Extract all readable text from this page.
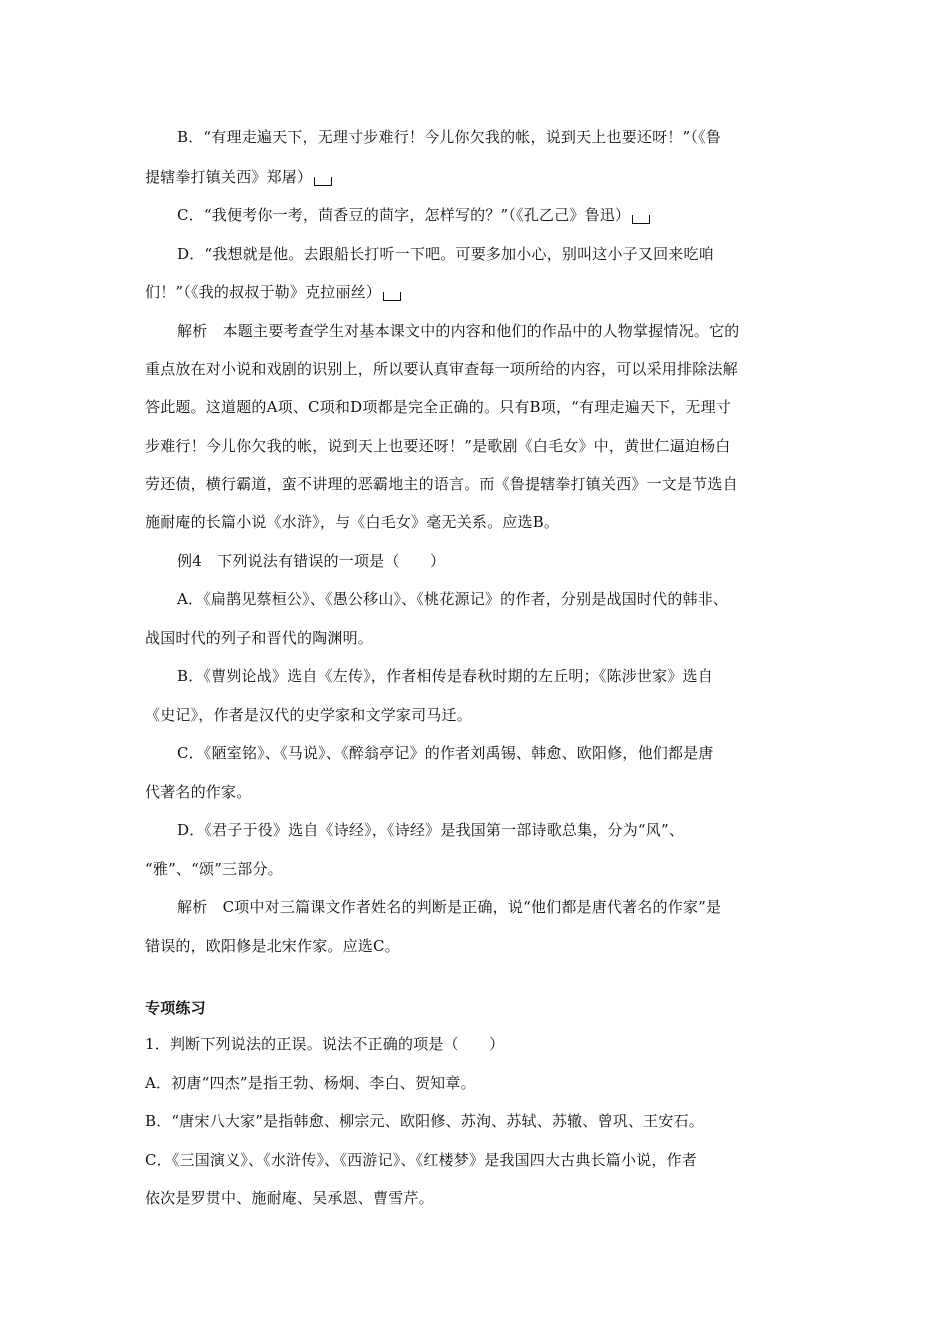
B．“有理走遍天下，无理寸步难行！今儿你欠我的帐，说到天上也要还呀！”（《鲁
提辖拳打镇关西》郑屠）
C．“我便考你一考，茴香豆的茴字，怎样写的？”（《孔乙己》鲁迅）
D．“我想就是他。去跟船长打听一下吧。可要多加小心，别叫这小子又回来吃咱
们！”（《我的叔叔于勒》克拉丽丝）
解析　本题主要考查学生对基本课文中的内容和他们的作品中的人物掌握情况。它的
重点放在对小说和戏剧的识别上，所以要认真审查每一项所给的内容，可以采用排除法解
答此题。这道题的A项、C项和D项都是完全正确的。只有B项，“有理走遍天下，无理寸
步难行！今儿你欠我的帐，说到天上也要还呀！”是歌剧《白毛女》中，黄世仁逼迫杨白
劳还债，横行霸道，蛮不讲理的恶霸地主的语言。而《鲁提辖拳打镇关西》一文是节选自
施耐庵的长篇小说《水浒》，与《白毛女》毫无关系。应选B。
例4　下列说法有错误的一项是（　　）
A．《扁鹊见蔡桓公》、《愚公移山》、《桃花源记》的作者，分别是战国时代的韩非、
战国时代的列子和晋代的陶渊明。
B．《曹刿论战》选自《左传》，作者相传是春秋时期的左丘明；《陈涉世家》选自
《史记》，作者是汉代的史学家和文学家司马迁。
C．《陋室铭》、《马说》、《醉翁亭记》的作者刘禹锡、韩愈、欧阳修，他们都是唐
代著名的作家。
D．《君子于役》选自《诗经》，《诗经》是我国第一部诗歌总集，分为“风”、
“雅”、“颂”三部分。
解析　C项中对三篇课文作者姓名的判断是正确，说“他们都是唐代著名的作家”是
错误的，欧阳修是北宋作家。应选C。
专项练习
1．判断下列说法的正误。说法不正确的项是（　　）
A．初唐“四杰”是指王勃、杨炯、李白、贺知章。
B．“唐宋八大家”是指韩愈、柳宗元、欧阳修、苏洵、苏轼、苏辙、曾巩、王安石。
C．《三国演义》、《水浒传》、《西游记》、《红楼梦》是我国四大古典长篇小说，作者
依次是罗贯中、施耐庵、吴承恩、曹雪芹。
